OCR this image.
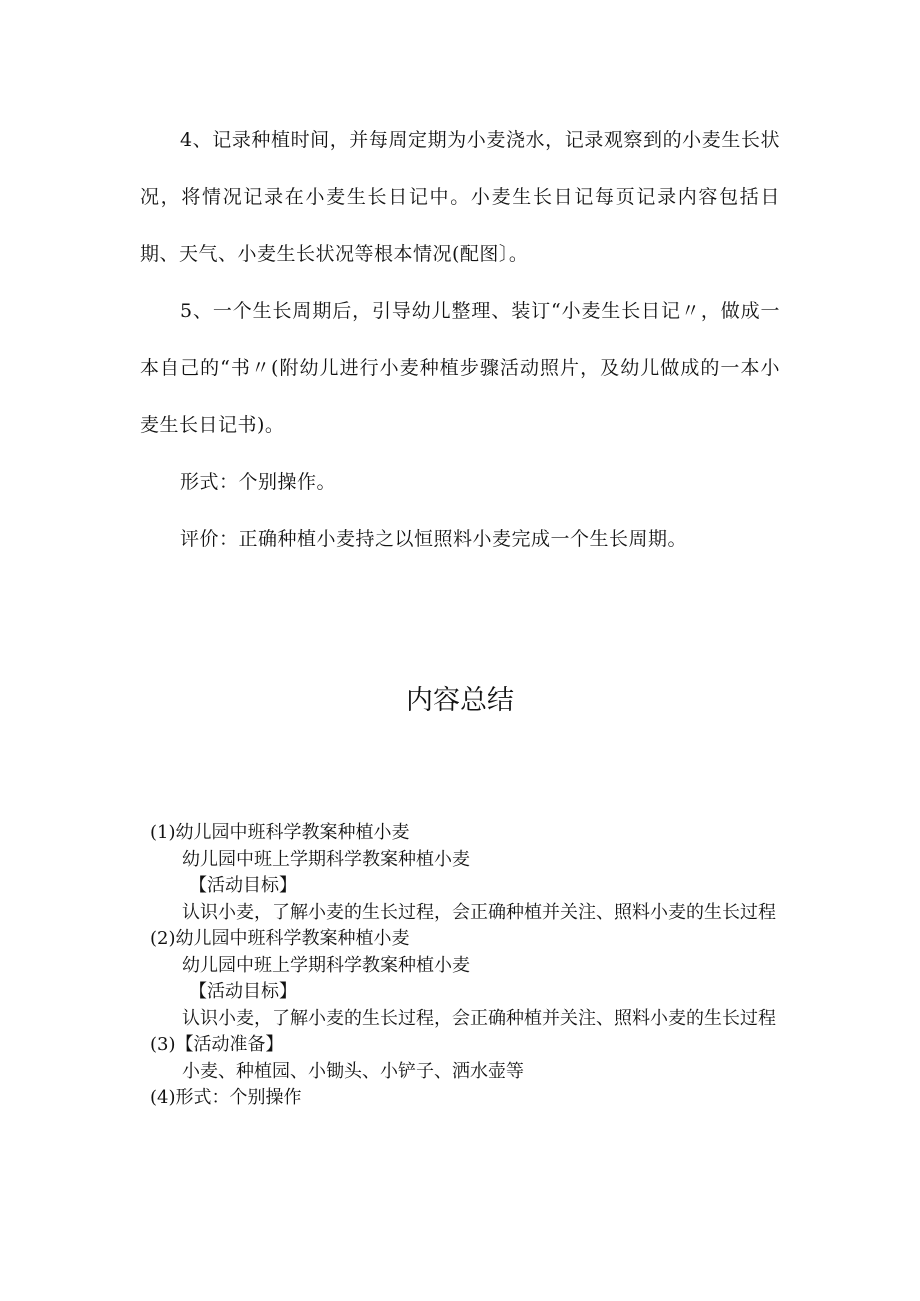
4、记录种植时间，并每周定期为小麦浇水，记录观察到的小麦生长状况，将情况记录在小麦生长日记中。小麦生长日记每页记录内容包括日期、天气、小麦生长状况等根本情况(配图〕。

5、一个生长周期后，引导幼儿整理、装订“小麦生长日记〃，做成一本自己的“书〃(附幼儿进行小麦种植步骤活动照片，及幼儿做成的一本小麦生长日记书)。

形式：个别操作。

评价：正确种植小麦持之以恒照料小麦完成一个生长周期。

内容总结

(1)幼儿园中班科学教案种植小麦

幼儿园中班上学期科学教案种植小麦

【活动目标】

认识小麦，了解小麦的生长过程，会正确种植并关注、照料小麦的生长过程

(2)幼儿园中班科学教案种植小麦

幼儿园中班上学期科学教案种植小麦

【活动目标】

认识小麦，了解小麦的生长过程，会正确种植并关注、照料小麦的生长过程

(3)【活动准备】

小麦、种植园、小锄头、小铲子、洒水壶等

(4)形式：个别操作
